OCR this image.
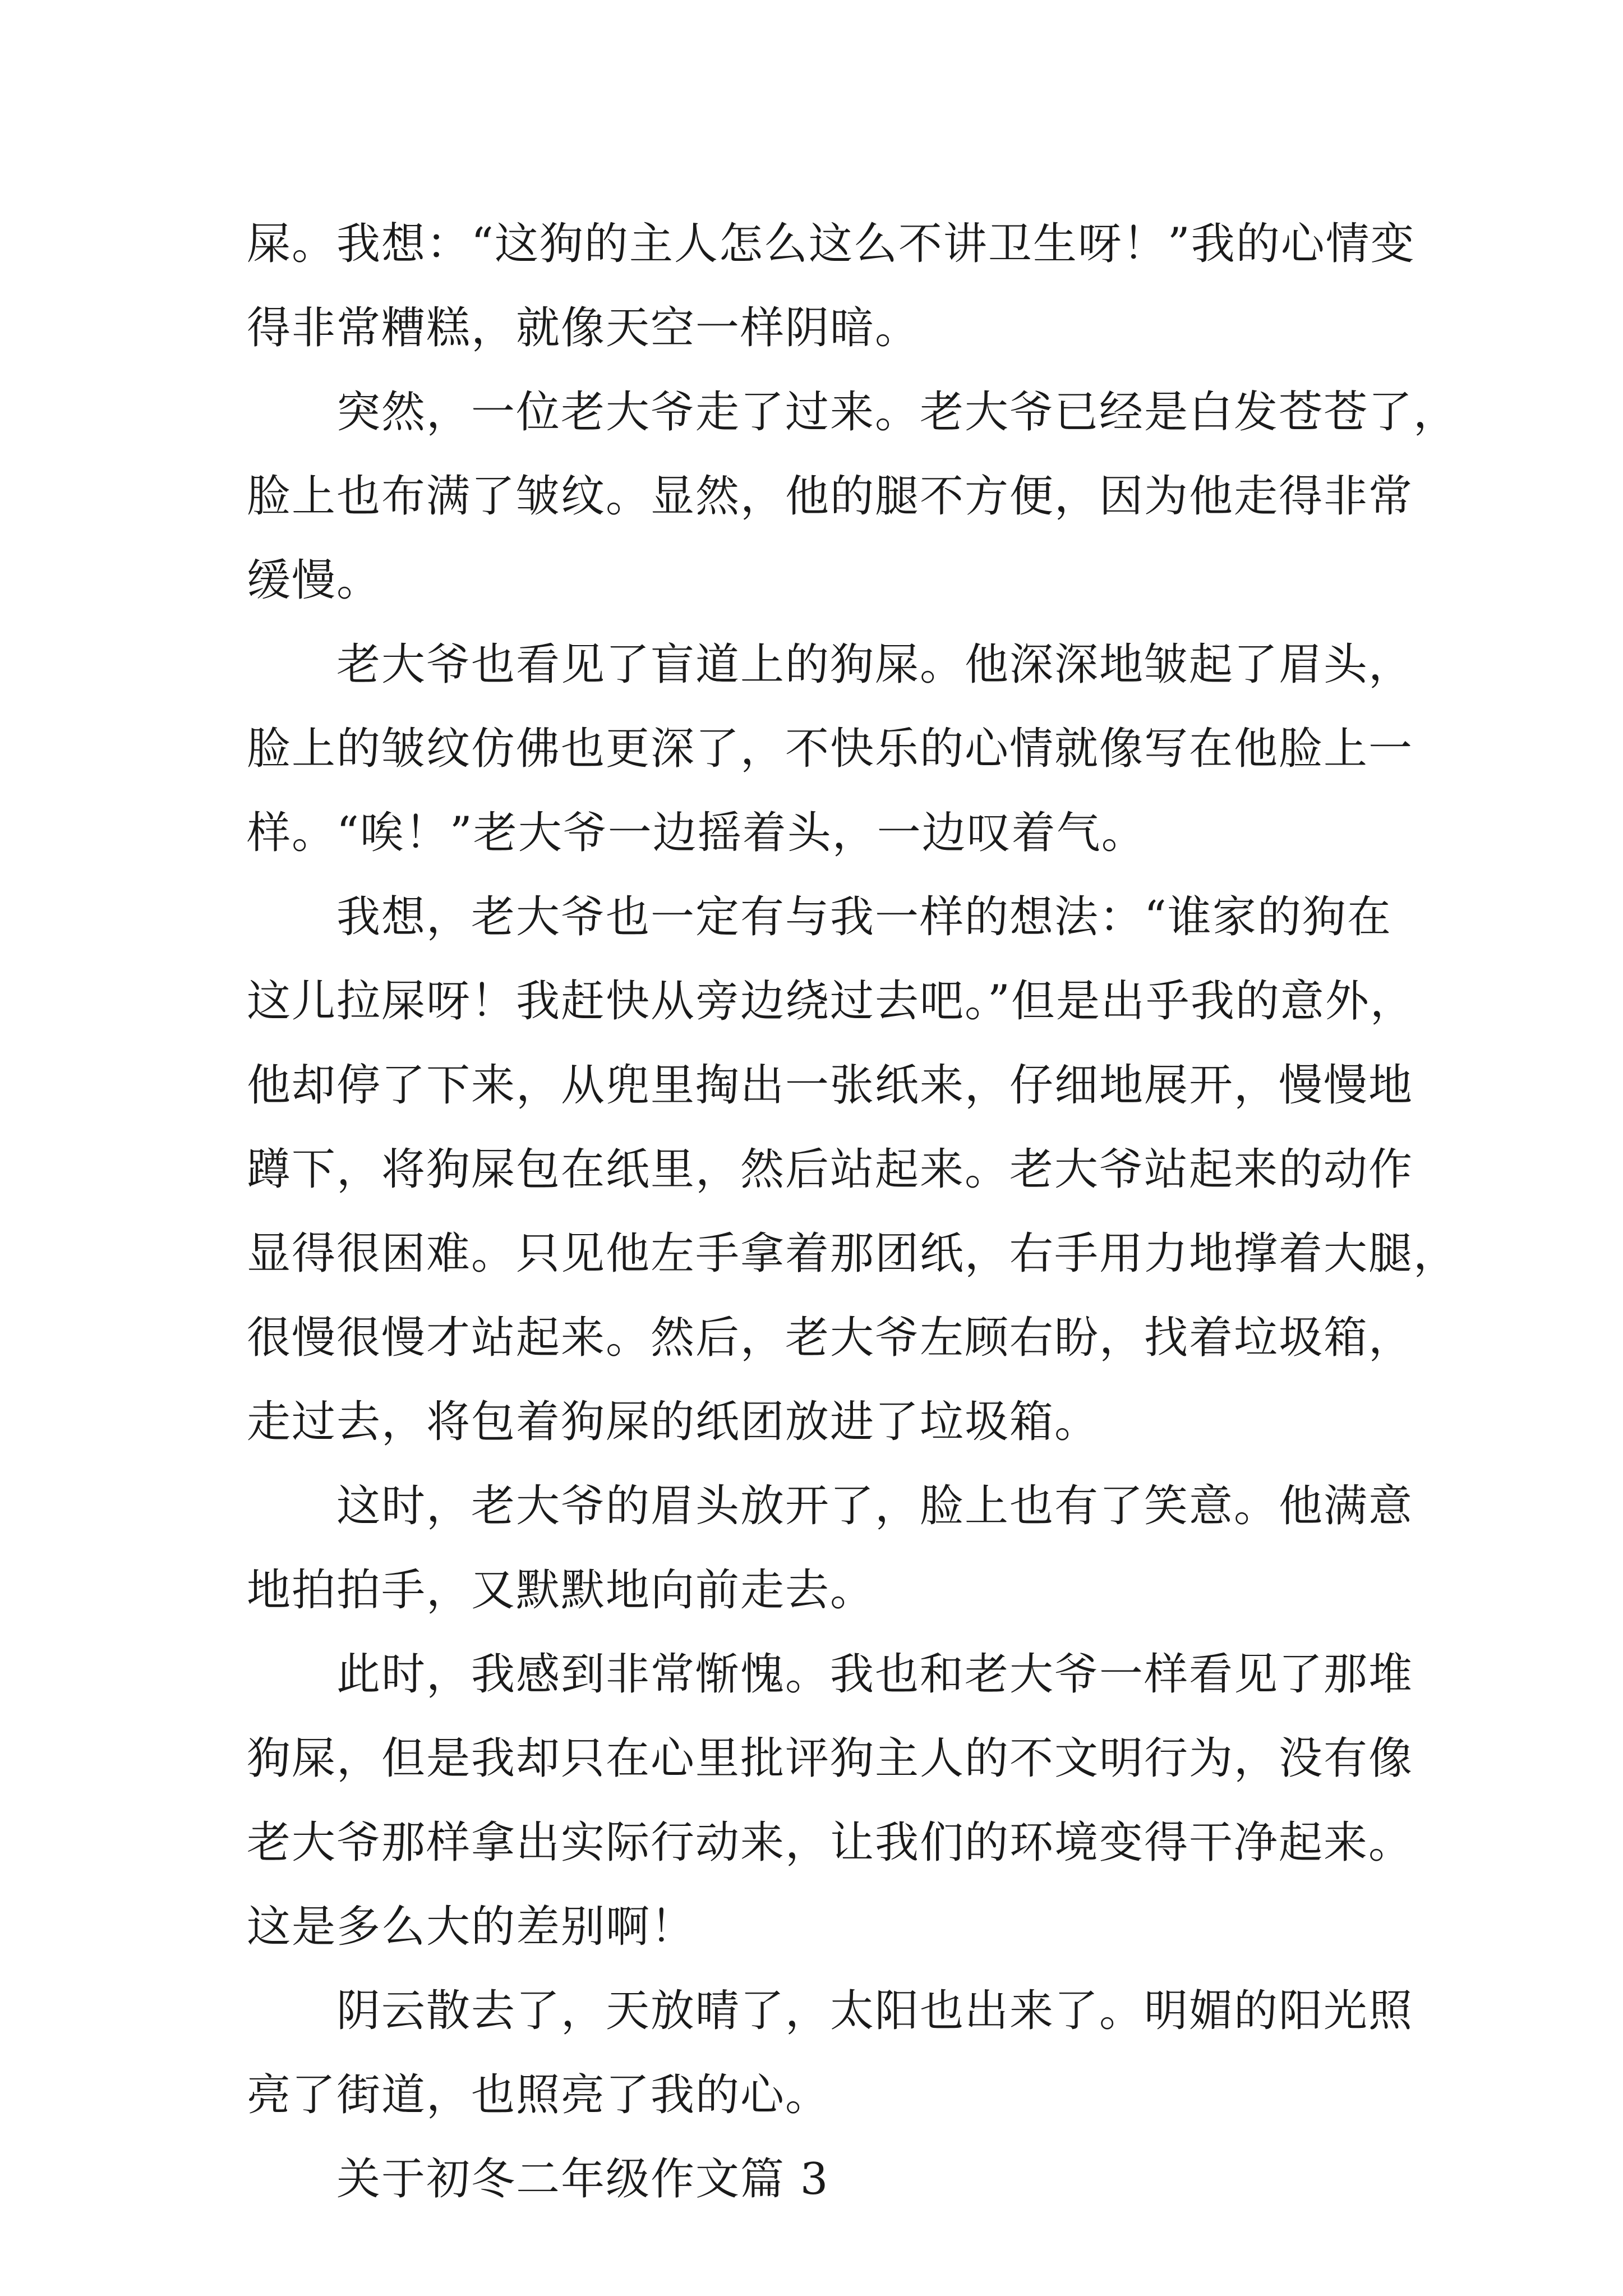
屎。我想：“这狗的主人怎么这么不讲卫生呀！”我的心情变
得非常糟糕，就像天空一样阴暗。
突然，一位老大爷走了过来。老大爷已经是白发苍苍了，
脸上也布满了皱纹。显然，他的腿不方便，因为他走得非常
缓慢。
老大爷也看见了盲道上的狗屎。他深深地皱起了眉头，
脸上的皱纹仿佛也更深了，不快乐的心情就像写在他脸上一
样。“唉！”老大爷一边摇着头，一边叹着气。
我想，老大爷也一定有与我一样的想法：“谁家的狗在
这儿拉屎呀！我赶快从旁边绕过去吧。”但是出乎我的意外，
他却停了下来，从兜里掏出一张纸来，仔细地展开，慢慢地
蹲下，将狗屎包在纸里，然后站起来。老大爷站起来的动作
显得很困难。只见他左手拿着那团纸，右手用力地撑着大腿，
很慢很慢才站起来。然后，老大爷左顾右盼，找着垃圾箱，
走过去，将包着狗屎的纸团放进了垃圾箱。
这时，老大爷的眉头放开了，脸上也有了笑意。他满意
地拍拍手，又默默地向前走去。
此时，我感到非常惭愧。我也和老大爷一样看见了那堆
狗屎，但是我却只在心里批评狗主人的不文明行为，没有像
老大爷那样拿出实际行动来，让我们的环境变得干净起来。
这是多么大的差别啊！
阴云散去了，天放晴了，太阳也出来了。明媚的阳光照
亮了街道，也照亮了我的心。
关于初冬二年级作文篇 3
